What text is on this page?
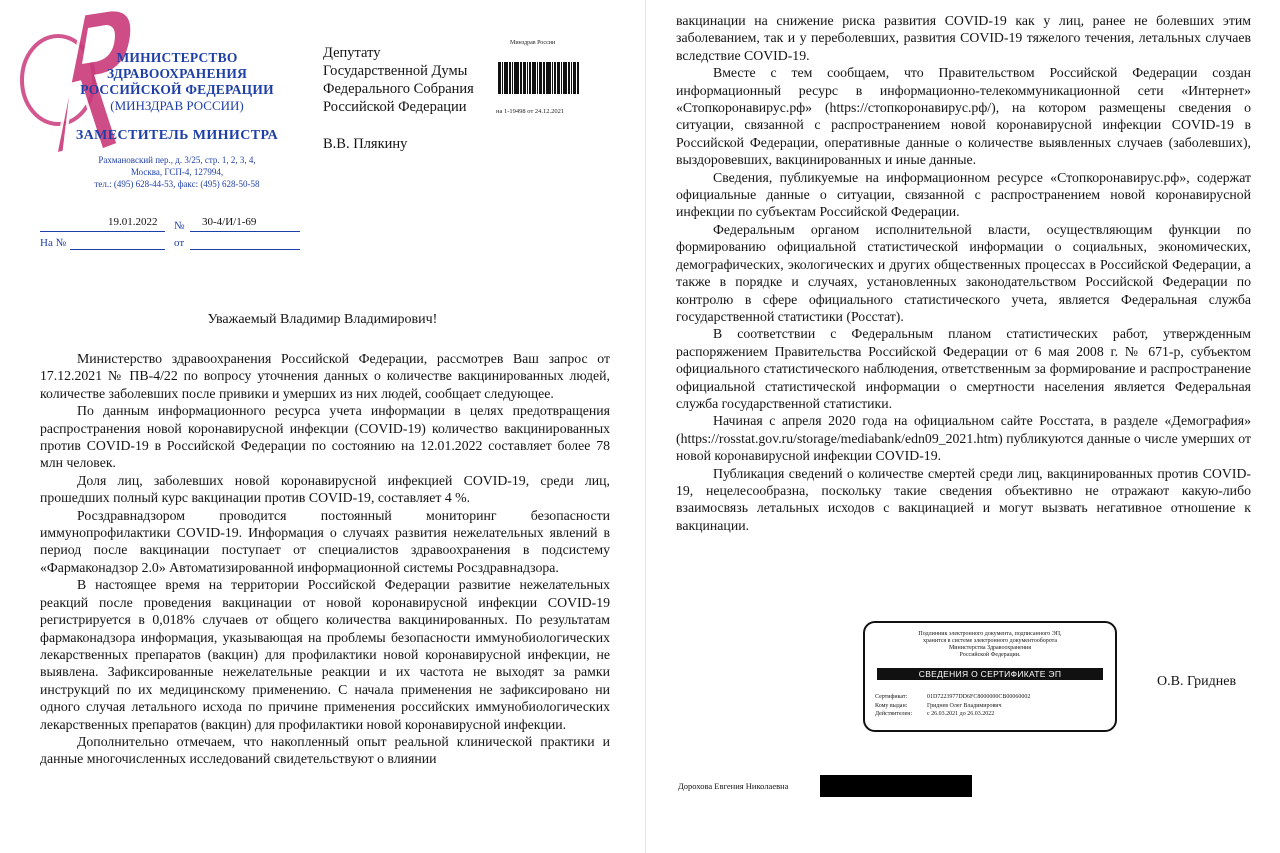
МИНИСТЕРСТВО
ЗДРАВООХРАНЕНИЯ
РОССИЙСКОЙ ФЕДЕРАЦИИ
(МИНЗДРАВ РОССИИ)
ЗАМЕСТИТЕЛЬ МИНИСТРА
Рахмановский пер., д. 3/25, стр. 1, 2, 3, 4,
Москва, ГСП-4, 127994,
тел.: (495) 628-44-53, факс: (495) 628-50-58
19.01.2022 № 30-4/И/1-69
На №	от
Депутату
Государственной Думы
Федерального Собрания
Российской Федерации
В.В. Плякину
Минздрав России
на 1-19498 от 24.12.2021
Уважаемый Владимир Владимирович!

Министерство здравоохранения Российской Федерации, рассмотрев Ваш запрос от 17.12.2021 № ПВ-4/22 по вопросу уточнения данных о количестве вакцинированных людей, количестве заболевших после привики и умерших из них людей, сообщает следующее.

По данным информационного ресурса учета информации в целях предотвращения распространения новой коронавирусной инфекции (COVID-19) количество вакцинированных против COVID-19 в Российской Федерации по состоянию на 12.01.2022 составляет более 78 млн человек.

Доля лиц, заболевших новой коронавирусной инфекцией COVID-19, среди лиц, прошедших полный курс вакцинации против COVID-19, составляет 4 %.

Росздравнадзором проводится постоянный мониторинг безопасности иммунопрофилактики COVID-19. Информация о случаях развития нежелательных явлений в период после вакцинации поступает от специалистов здравоохранения в подсистему «Фармаконадзор 2.0» Автоматизированной информационной системы Росздравнадзора.

В настоящее время на территории Российской Федерации развитие нежелательных реакций после проведения вакцинации от новой коронавирусной инфекции COVID-19 регистрируется в 0,018% случаев от общего количества вакцинированных. По результатам фармаконадзора информация, указывающая на проблемы безопасности иммунобиологических лекарственных препаратов (вакцин) для профилактики новой коронавирусной инфекции, не выявлена. Зафиксированные нежелательные реакции и их частота не выходят за рамки инструкций по их медицинскому применению. С начала применения не зафиксировано ни одного случая летального исхода по причине применения российских иммунобиологических лекарственных препаратов (вакцин) для профилактики новой коронавирусной инфекции.

Дополнительно отмечаем, что накопленный опыт реальной клинической практики и данные многочисленных исследований свидетельствуют о влиянии

вакцинации на снижение риска развития COVID-19 как у лиц, ранее не болевших этим заболеванием, так и у переболевших, развития COVID-19 тяжелого течения, летальных случаев вследствие COVID-19.

Вместе с тем сообщаем, что Правительством Российской Федерации создан информационный ресурс в информационно-телекоммуникационной сети «Интернет» «Стопкоронавирус.рф» (https://стопкоронавирус.рф/), на котором размещены сведения о ситуации, связанной с распространением новой коронавирусной инфекции COVID-19 в Российской Федерации, оперативные данные о количестве выявленных случаев (заболевших), выздоровевших, вакцинированных и иные данные.

Сведения, публикуемые на информационном ресурсе «Стопкоронавирус.рф», содержат официальные данные о ситуации, связанной с распространением новой коронавирусной инфекции по субъектам Российской Федерации.

Федеральным органом исполнительной власти, осуществляющим функции по формированию официальной статистической информации о социальных, экономических, демографических, экологических и других общественных процессах в Российской Федерации, а также в порядке и случаях, установленных законодательством Российской Федерации по контролю в сфере официального статистического учета, является Федеральная служба государственной статистики (Росстат).

В соответствии с Федеральным планом статистических работ, утвержденным распоряжением Правительства Российской Федерации от 6 мая 2008 г. № 671-р, субъектом официального статистического наблюдения, ответственным за формирование и распространение официальной статистической информации о смертности населения является Федеральная служба государственной статистики.

Начиная с апреля 2020 года на официальном сайте Росстата, в разделе «Демография» (https://rosstat.gov.ru/storage/mediabank/edn09_2021.htm) публикуются данные о числе умерших от новой коронавирусной инфекции COVID-19.

Публикация сведений о количестве смертей среди лиц, вакцинированных против COVID-19, нецелесообразна, поскольку такие сведения объективно не отражают какую-либо взаимосвязь летальных исходов с вакцинацией и могут вызвать негативное отношение к вакцинации.

Подлинник электронного документа, подписанного ЭП,
хранится в системе электронного документооборота
Министерства Здравоохранения
Российской Федерации.
СВЕДЕНИЯ О СЕРТИФИКАТЕ ЭП
Сертификат:	01D7223977DD6FC8000000CB00060002
Кому выдан:	Гриднев Олег Владимирович
Действителен: с 26.03.2021 до 26.03.2022
О.В. Гриднев
Дорохова Евгения Николаевна
